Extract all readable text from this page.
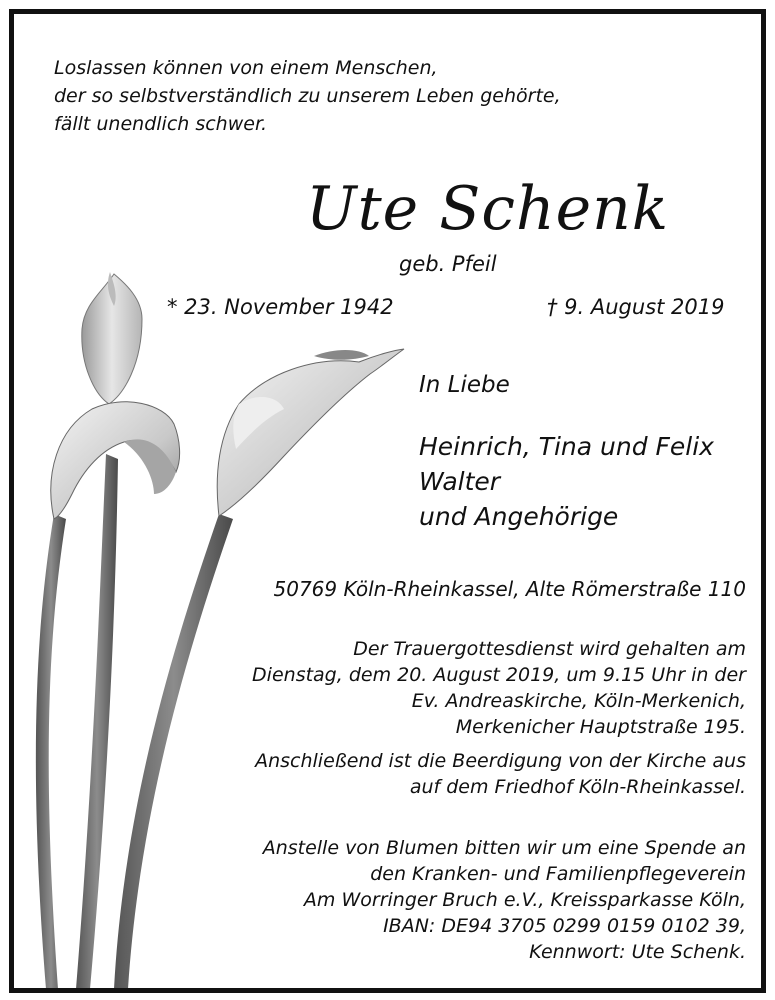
Loslassen können von einem Menschen,
der so selbstverständlich zu unserem Leben gehörte,
fällt unendlich schwer.
Ute Schenk
geb. Pfeil
* 23. November 1942	† 9. August 2019
In Liebe
Heinrich, Tina und Felix
Walter
und Angehörige
50769 Köln-Rheinkassel, Alte Römerstraße 110
Der Trauergottesdienst wird gehalten am
Dienstag, dem 20. August 2019, um 9.15 Uhr in der
Ev. Andreaskirche, Köln-Merkenich,
Merkenicher Hauptstraße 195.
Anschließend ist die Beerdigung von der Kirche aus
auf dem Friedhof Köln-Rheinkassel.
Anstelle von Blumen bitten wir um eine Spende an
den Kranken- und Familienpflegeverein
Am Worringer Bruch e.V., Kreissparkasse Köln,
IBAN: DE94 3705 0299 0159 0102 39,
Kennwort: Ute Schenk.
